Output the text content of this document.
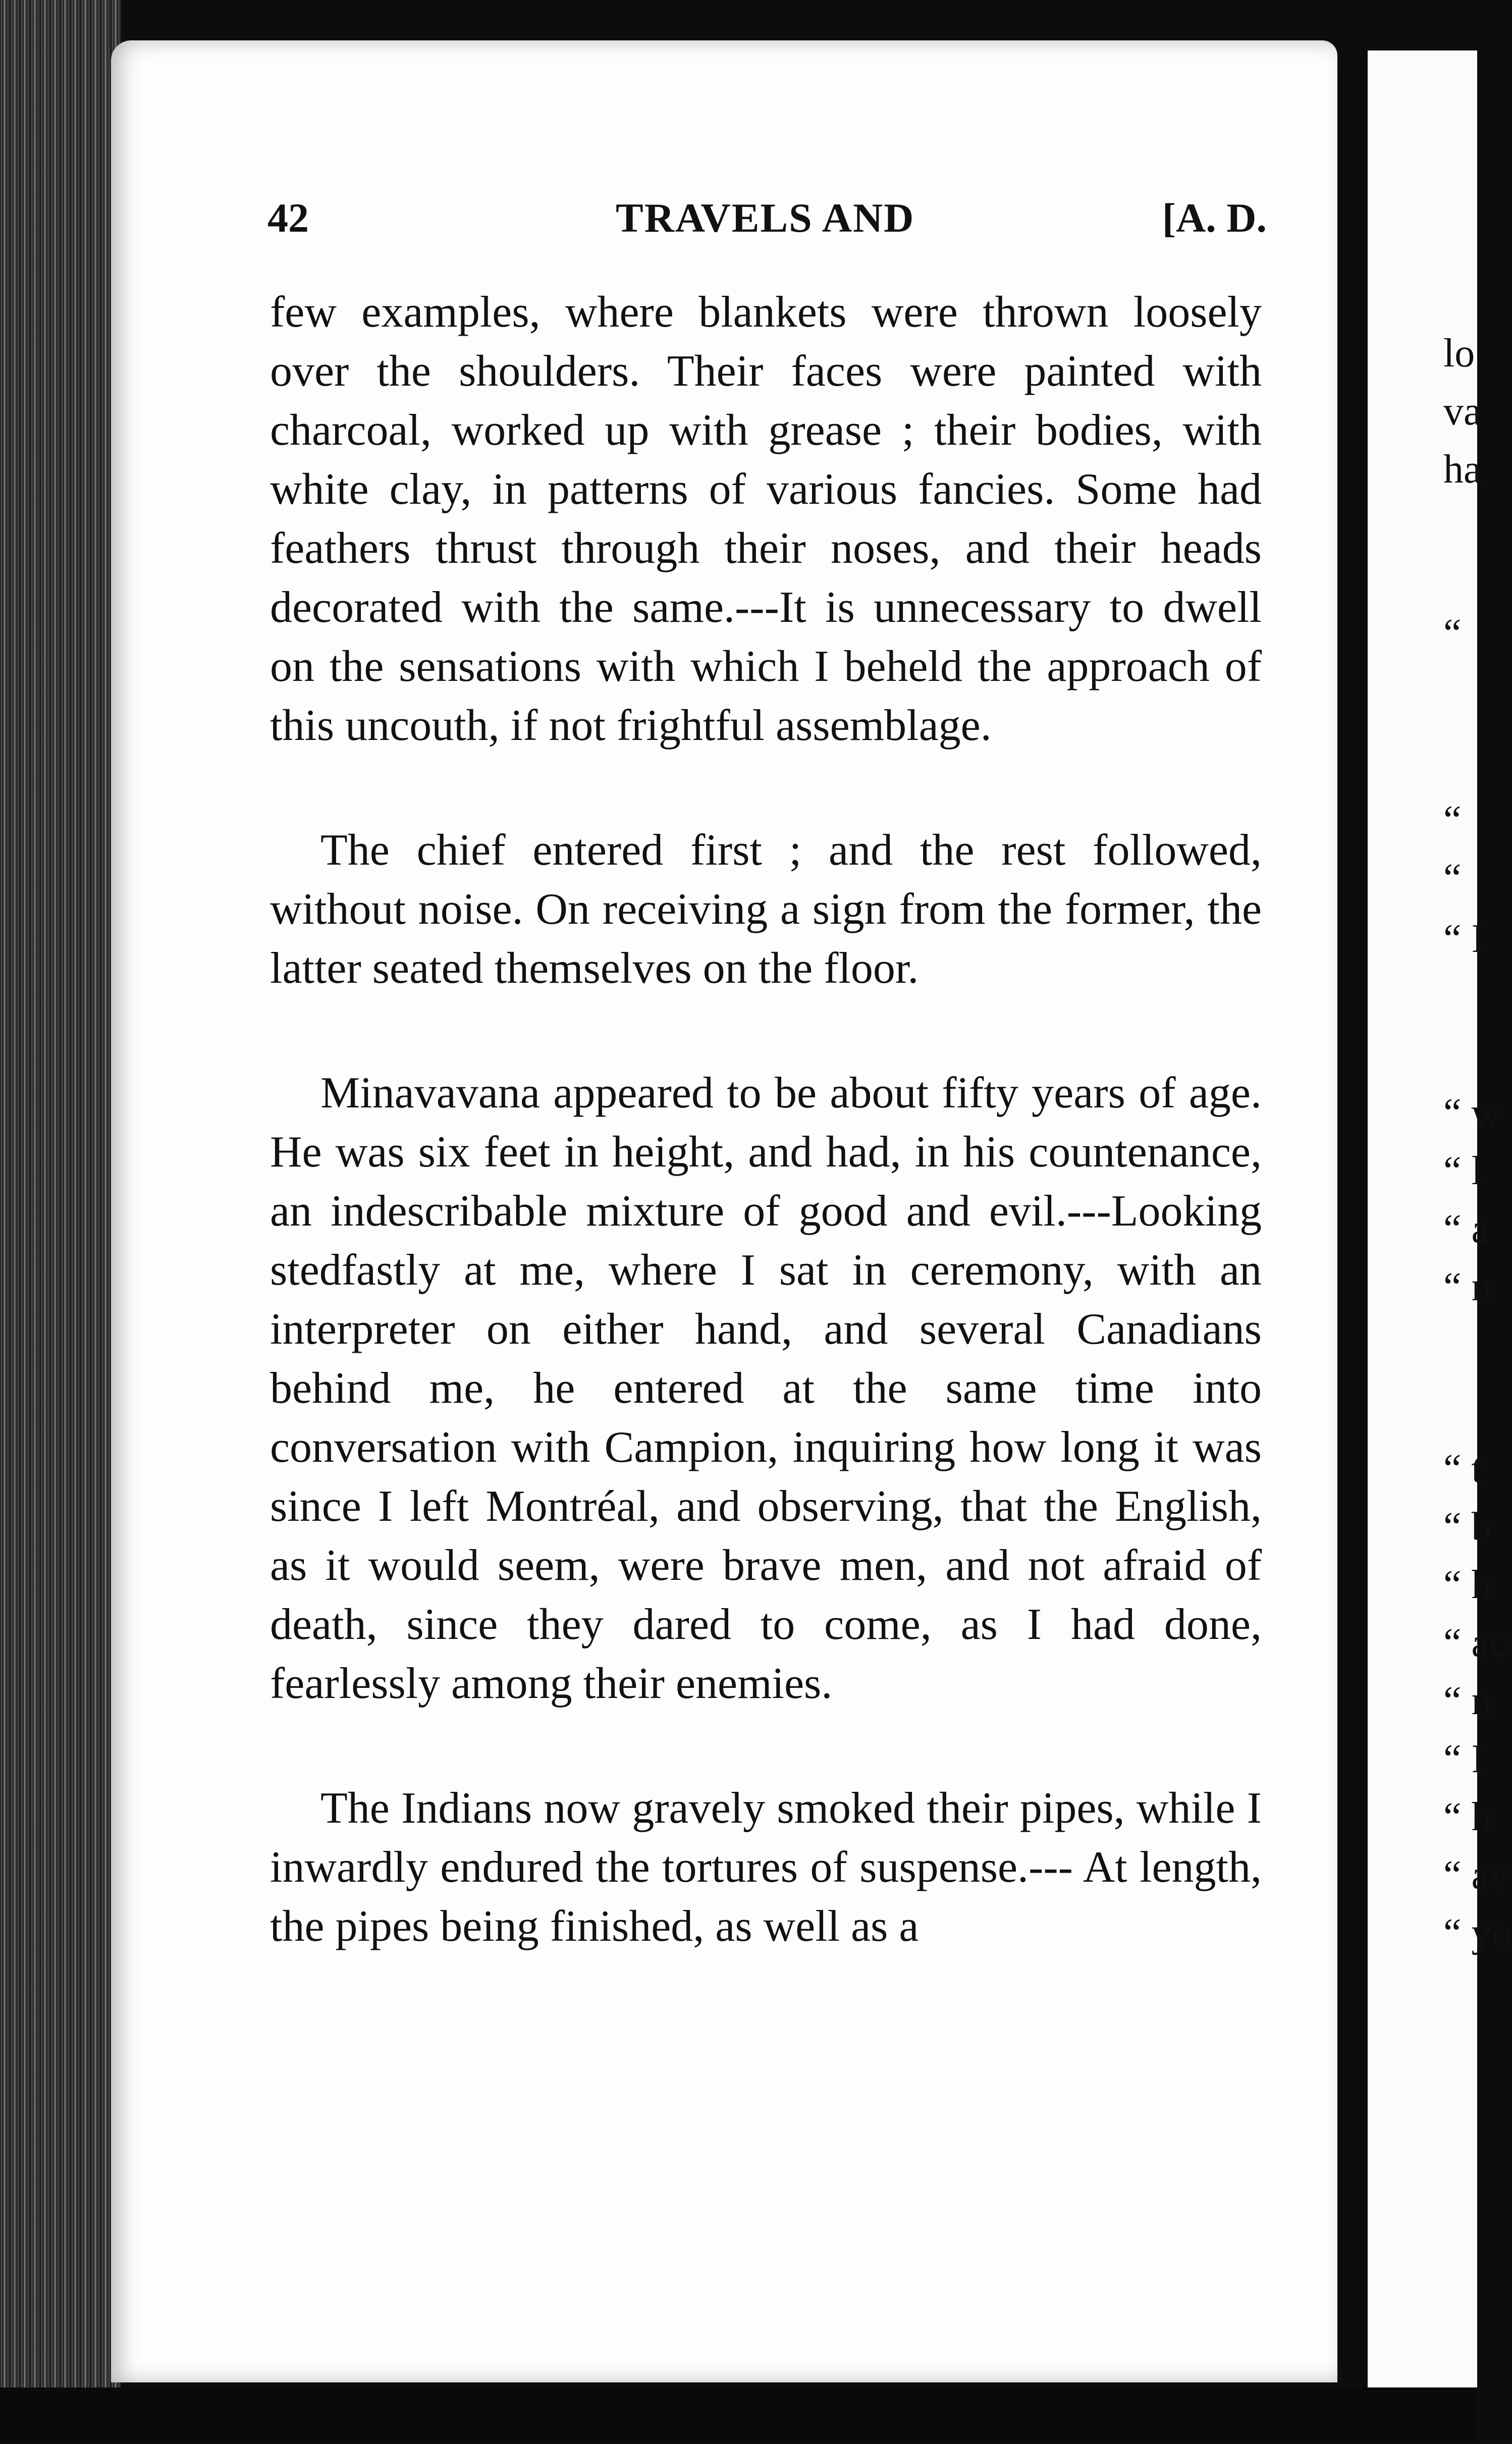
42	TRAVELS AND	[A. D.

few examples, where blankets were thrown loosely over the shoulders. Their faces were painted with charcoal, worked up with grease ; their bodies, with white clay, in patterns of various fancies. Some had feathers thrust through their noses, and their heads decorated with the same.---It is unnecessary to dwell on the sensations with which I beheld the approach of this uncouth, if not frightful assemblage.

The chief entered first ; and the rest followed, without noise. On receiving a sign from the former, the latter seated themselves on the floor.

Minavavana appeared to be about fifty years of age. He was six feet in height, and had, in his countenance, an indescribable mixture of good and evil.---Looking stedfastly at me, where I sat in ceremony, with an interpreter on either hand, and several Canadians behind me, he entered at the same time into conversation with Campion, inquiring how long it was since I left Montréal, and observing, that the English, as it would seem, were brave men, and not afraid of death, since they dared to come, as I had done, fearlessly among their enemies.

The Indians now gravely smoked their pipes, while I inwardly endured the tortures of suspense.--- At length, the pipes being finished, as well as a

lo
va
ha
“
“
“
“ I
“ w
“ l
“ a
“ n
“ t
“ b
“ h
“ ac
“ n
“ I
“ h
“ av
“ yo
